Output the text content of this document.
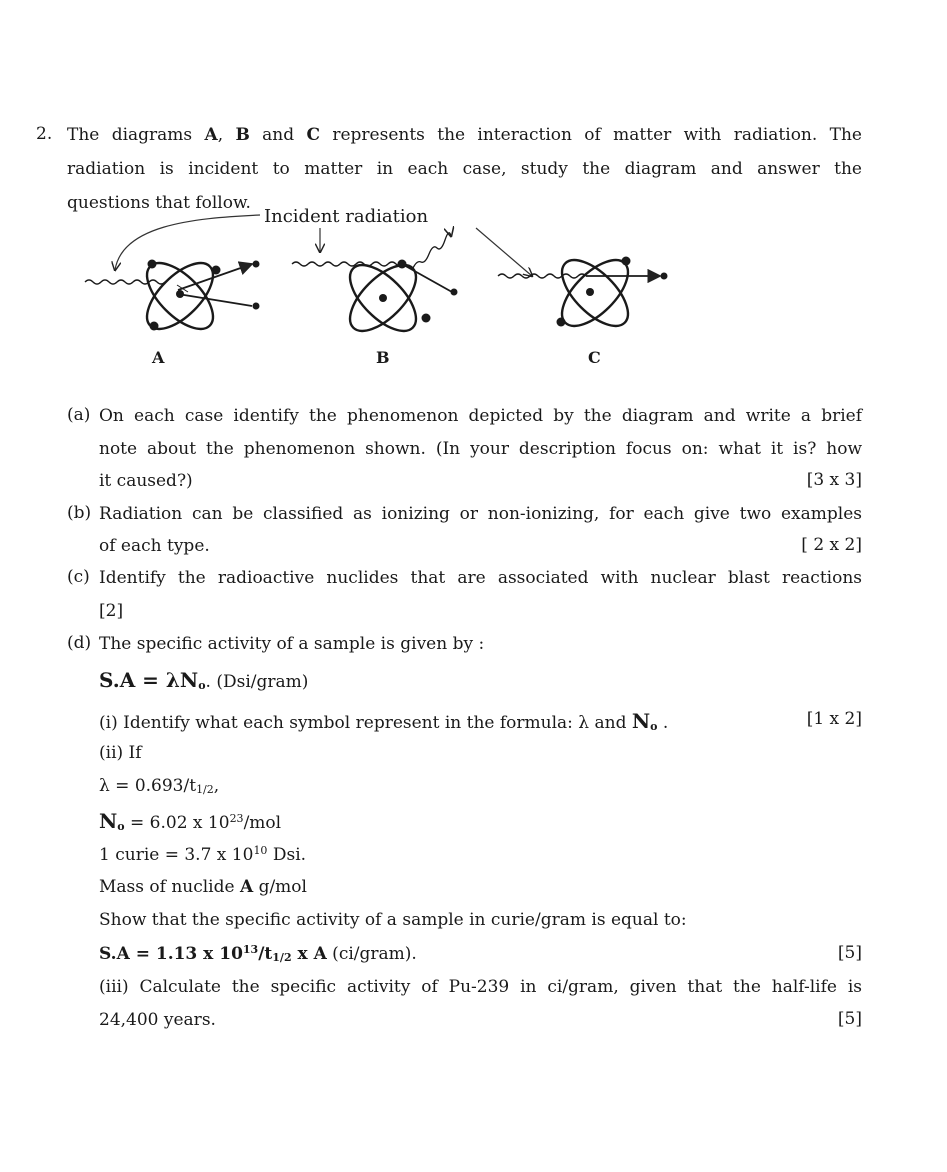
2. The diagrams A, B and C represents the interaction of matter with radiation. The
radiation is incident to matter in each case, study the diagram and answer the
questions that follow.
Incident radiation
A	B	C
(a) On each case identify the phenomenon depicted by the diagram and write a brief
note about the phenomenon shown. (In your description focus on: what it is? how
it caused?)	[3 x 3]
(b) Radiation can be classified as ionizing or non-ionizing, for each give two examples
of each type.	[ 2 x 2]
(c) Identify the radioactive nuclides that are associated with nuclear blast reactions
[2]
(d) The specific activity of a sample is given by :
S.A = λNo. (Dsi/gram)
(i) Identify what each symbol represent in the formula: λ and No .	[1 x 2]
(ii) If
λ = 0.693/t1/2,
No = 6.02 x $10^{23}$/mol
1 curie = 3.7 x $10^{10}$ Dsi.
Mass of nuclide A g/mol
Show that the specific activity of a sample in curie/gram is equal to:
S.A = 1.13 x $10^{13}/t1/2$ x A (ci/gram).	[5]
(iii) Calculate the specific activity of Pu-239 in ci/gram, given that the half-life is
24,400 years.	[5]
